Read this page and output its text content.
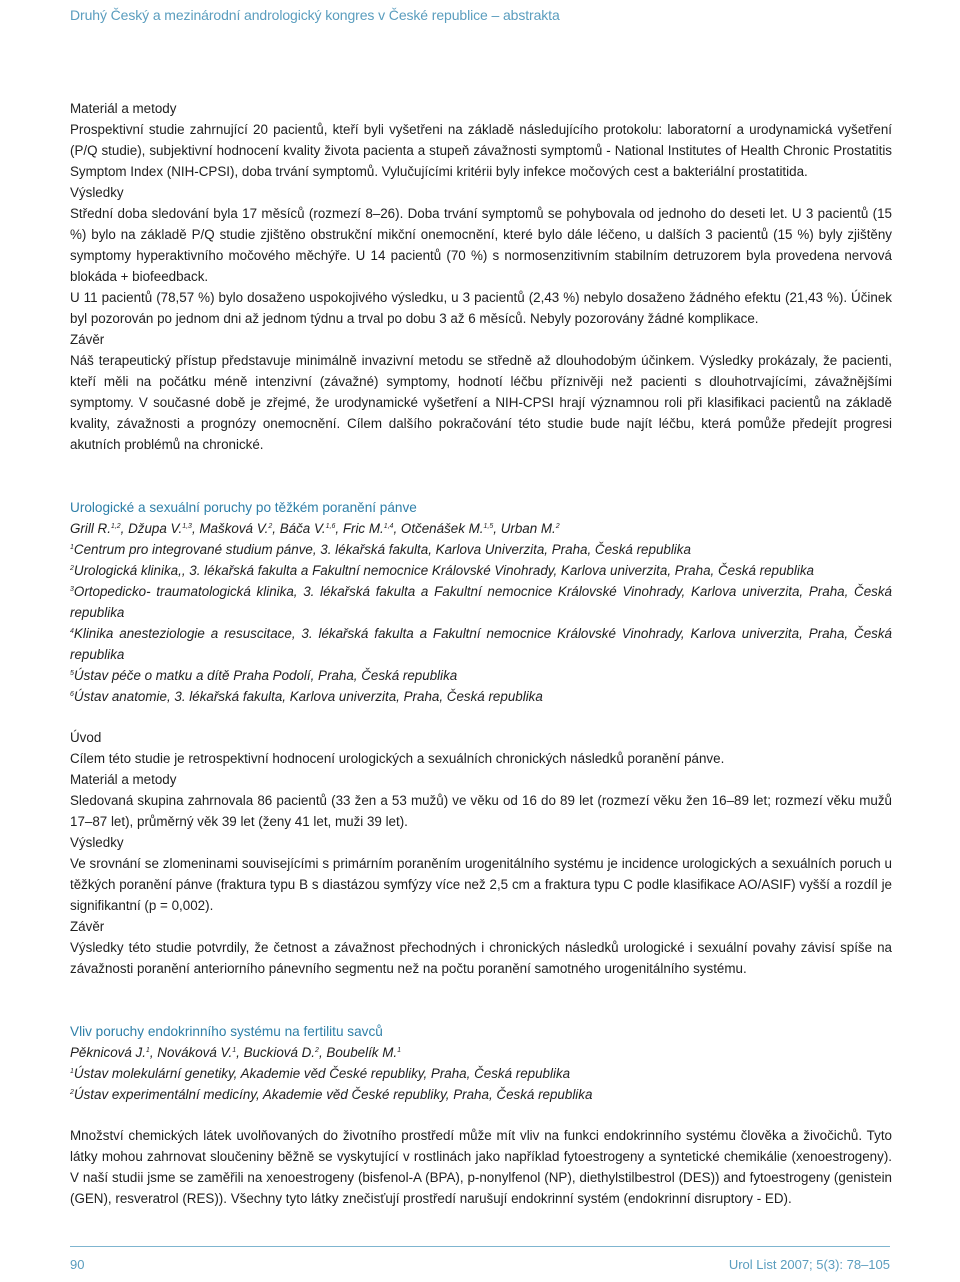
Druhý Český a mezinárodní andrologický kongres v České republice – abstrakta

Materiál a metody

Prospektivní studie zahrnující 20 pacientů, kteří byli vyšetřeni na základě následujícího protokolu: laboratorní a urodynamická vyšetření (P/Q studie), subjektivní hodnocení kvality života pacienta a stupeň závažnosti symptomů - National Institutes of Health Chronic Prostatitis Symptom Index (NIH-CPSI), doba trvání symptomů. Vylučujícími kritérii byly infekce močových cest a bakteriální prostatitida.

Výsledky

Střední doba sledování byla 17 měsíců (rozmezí 8–26). Doba trvání symptomů se pohybovala od jednoho do deseti let. U 3 pacientů (15 %) bylo na základě P/Q studie zjištěno obstrukční mikční onemocnění, které bylo dále léčeno, u dalších 3 pacientů (15 %) byly zjištěny symptomy hyperaktivního močového měchýře. U 14 pacientů (70 %) s normosenzitivním stabilním detruzorem byla provedena nervová blokáda + biofeedback.

U 11 pacientů (78,57 %) bylo dosaženo uspokojivého výsledku, u 3 pacientů (2,43 %) nebylo dosaženo žádného efektu (21,43 %). Účinek byl pozorován po jednom dni až jednom týdnu a trval po dobu 3 až 6 měsíců. Nebyly pozorovány žádné komplikace.

Závěr

Náš terapeutický přístup představuje minimálně invazivní metodu se středně až dlouhodobým účinkem. Výsledky prokázaly, že pacienti, kteří měli na počátku méně intenzivní (závažné) symptomy, hodnotí léčbu příznivěji než pacienti s dlouhotrvajícími, závažnějšími symptomy. V současné době je zřejmé, že urodynamické vyšetření a NIH-CPSI hrají významnou roli při klasifikaci pacientů na základě kvality, závažnosti a prognózy onemocnění. Cílem dalšího pokračování této studie bude najít léčbu, která pomůže předejít progresi akutních problémů na chronické.

Urologické a sexuální poruchy po těžkém poranění pánve

Grill R.$^{1,2}$, Džupa V.$^{1,3}$, Mašková V.$^2$, Báča V.$^{1,6}$, Fric M.$^{1,4}$, Otčenášek M.$^{1,5}$, Urban M.$^2$

$^1$Centrum pro integrované studium pánve, 3. lékařská fakulta, Karlova Univerzita, Praha, Česká republika

$^2$Urologická klinika,, 3. lékařská fakulta a Fakultní nemocnice Královské Vinohrady, Karlova univerzita, Praha, Česká republika

$^3$Ortopedicko- traumatologická klinika, 3. lékařská fakulta a Fakultní nemocnice Královské Vinohrady, Karlova univerzita, Praha, Česká republika

$^4$Klinika anesteziologie a resuscitace, 3. lékařská fakulta a Fakultní nemocnice Královské Vinohrady, Karlova univerzita, Praha, Česká republika

$^5$Ústav péče o matku a dítě Praha Podolí, Praha, Česká republika

$^6$Ústav anatomie, 3. lékařská fakulta, Karlova univerzita, Praha, Česká republika

Úvod

Cílem této studie je retrospektivní hodnocení urologických a sexuálních chronických následků poranění pánve.

Materiál a metody

Sledovaná skupina zahrnovala 86 pacientů (33 žen a 53 mužů) ve věku od 16 do 89 let (rozmezí věku žen 16–89 let; rozmezí věku mužů 17–87 let), průměrný věk 39 let (ženy 41 let, muži 39 let).

Výsledky

Ve srovnání se zlomeninami souvisejícími s primárním poraněním urogenitálního systému je incidence urologických a sexuálních poruch u těžkých poranění pánve (fraktura typu B s diastázou symfýzy více než 2,5 cm a fraktura typu C podle klasifikace AO/ASIF) vyšší a rozdíl je signifikantní (p = 0,002).

Závěr

Výsledky této studie potvrdily, že četnost a závažnost přechodných i chronických následků urologické i sexuální povahy závisí spíše na závažnosti poranění anteriorního pánevního segmentu než na počtu poranění samotného urogenitálního systému.

Vliv poruchy endokrinního systému na fertilitu savců

Pěknicová J.$^1$, Nováková V.$^1$, Buckiová D.$^2$, Boubelík M.$^1$

$^1$Ústav molekulární genetiky, Akademie věd České republiky, Praha, Česká republika

$^2$Ústav experimentální medicíny, Akademie věd České republiky, Praha, Česká republika

Množství chemických látek uvolňovaných do životního prostředí může mít vliv na funkci endokrinního systému člověka a živočichů. Tyto látky mohou zahrnovat sloučeniny běžně se vyskytující v rostlinách jako například fytoestrogeny a syntetické chemikálie (xenoestrogeny). V naší studii jsme se zaměřili na xenoestrogeny (bisfenol-A (BPA), p-nonylfenol (NP), diethylstilbestrol (DES)) and fytoestrogeny (genistein (GEN), resveratrol (RES)). Všechny tyto látky znečisťují prostředí narušují endokrinní systém (endokrinní disruptory - ED).

90	Urol List 2007; 5(3): 78–105
